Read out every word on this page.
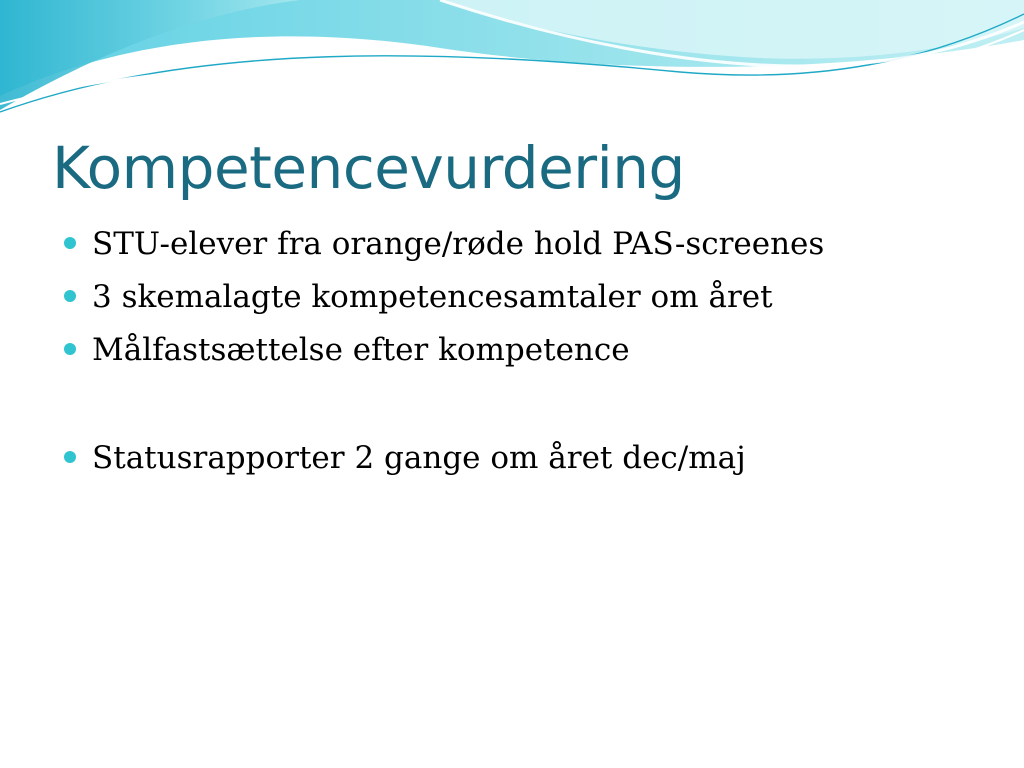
Kompetencevurdering
STU-elever fra orange/røde hold PAS-screenes
3 skemalagte kompetencesamtaler om året
Målfastsættelse efter kompetence
Statusrapporter 2 gange om året dec/maj
